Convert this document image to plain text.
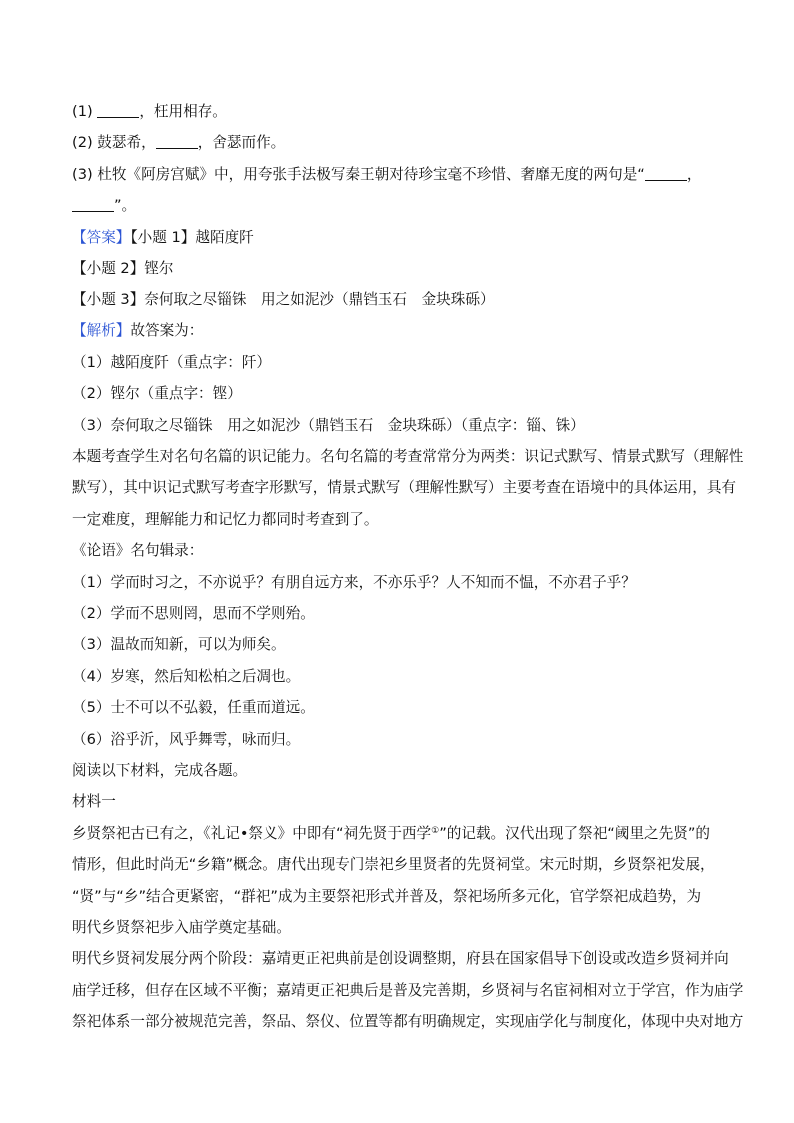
(1)	，枉用相存。
(2) 鼓瑟希，	，舍瑟而作。
(3) 杜牧《阿房宫赋》中，用夸张手法极写秦王朝对待珍宝毫不珍惜、奢靡无度的两句是“	，
”。
【答案】【小题 1】越陌度阡
【小题 2】铿尔
【小题 3】奈何取之尽锱铢　用之如泥沙（鼎铛玉石　金块珠砾）
【解析】故答案为：
（1）越陌度阡（重点字：阡）
（2）铿尔（重点字：铿）
（3）奈何取之尽锱铢　用之如泥沙（鼎铛玉石　金块珠砾）（重点字：锱、铢）
本题考查学生对名句名篇的识记能力。名句名篇的考查常常分为两类：识记式默写、情景式默写（理解性
默写），其中识记式默写考查字形默写，情景式默写（理解性默写）主要考查在语境中的具体运用，具有
一定难度，理解能力和记忆力都同时考查到了。
《论语》名句辑录：
（1）学而时习之，不亦说乎？有朋自远方来，不亦乐乎？人不知而不愠，不亦君子乎？
（2）学而不思则罔，思而不学则殆。
（3）温故而知新，可以为师矣。
（4）岁寒，然后知松柏之后凋也。
（5）士不可以不弘毅，任重而道远。
（6）浴乎沂，风乎舞雩，咏而归。
阅读以下材料，完成各题。
材料一
乡贤祭祀古已有之，《礼记•祭义》中即有“祠先贤于西学①”的记载。汉代出现了祭祀“阈里之先贤”的
情形，但此时尚无“乡籍”概念。唐代出现专门崇祀乡里贤者的先贤祠堂。宋元时期，乡贤祭祀发展，
“贤”与“乡”结合更紧密，“群祀”成为主要祭祀形式并普及，祭祀场所多元化，官学祭祀成趋势，为
明代乡贤祭祀步入庙学奠定基础。
明代乡贤祠发展分两个阶段：嘉靖更正祀典前是创设调整期，府县在国家倡导下创设或改造乡贤祠并向
庙学迁移，但存在区域不平衡；嘉靖更正祀典后是普及完善期，乡贤祠与名宦祠相对立于学宫，作为庙学
祭祀体系一部分被规范完善，祭品、祭仪、位置等都有明确规定，实现庙学化与制度化，体现中央对地方
